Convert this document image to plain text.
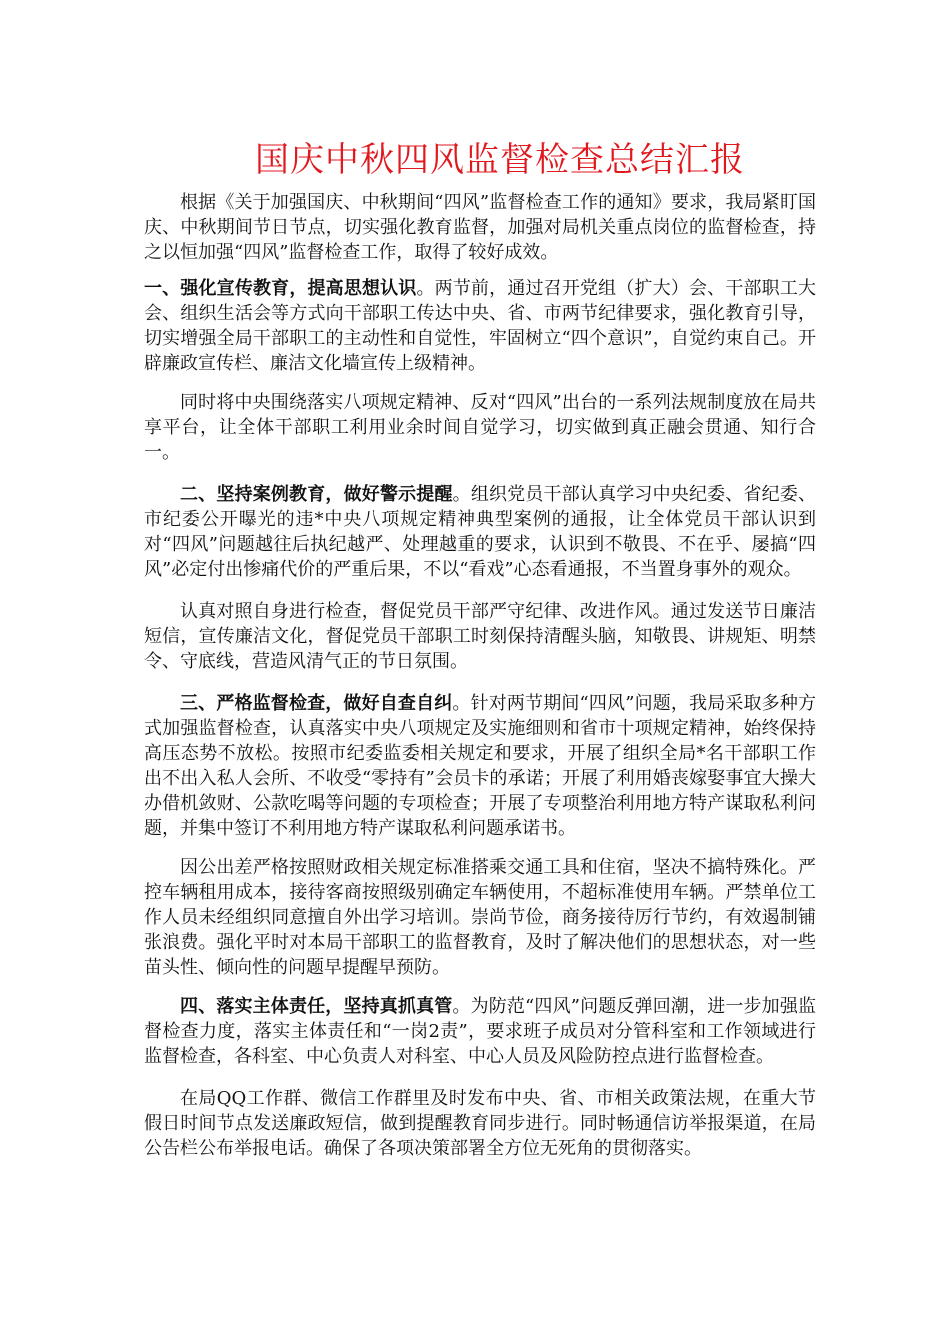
国庆中秋四风监督检查总结汇报

根据《关于加强国庆、中秋期间“四风”监督检查工作的通知》要求，我局紧盯国庆、中秋期间节日节点，切实强化教育监督，加强对局机关重点岗位的监督检查，持之以恒加强“四风”监督检查工作，取得了较好成效。

一、强化宣传教育，提高思想认识。两节前，通过召开党组（扩大）会、干部职工大会、组织生活会等方式向干部职工传达中央、省、市两节纪律要求，强化教育引导，切实增强全局干部职工的主动性和自觉性，牢固树立“四个意识”，自觉约束自己。开辟廉政宣传栏、廉洁文化墙宣传上级精神。

同时将中央围绕落实八项规定精神、反对“四风”出台的一系列法规制度放在局共享平台，让全体干部职工利用业余时间自觉学习，切实做到真正融会贯通、知行合一。

二、坚持案例教育，做好警示提醒。组织党员干部认真学习中央纪委、省纪委、市纪委公开曝光的违*中央八项规定精神典型案例的通报，让全体党员干部认识到对“四风”问题越往后执纪越严、处理越重的要求，认识到不敬畏、不在乎、屡搞“四风”必定付出惨痛代价的严重后果，不以“看戏”心态看通报，不当置身事外的观众。

认真对照自身进行检查，督促党员干部严守纪律、改进作风。通过发送节日廉洁短信，宣传廉洁文化，督促党员干部职工时刻保持清醒头脑，知敬畏、讲规矩、明禁令、守底线，营造风清气正的节日氛围。

三、严格监督检查，做好自查自纠。针对两节期间“四风”问题，我局采取多种方式加强监督检查，认真落实中央八项规定及实施细则和省市十项规定精神，始终保持高压态势不放松。按照市纪委监委相关规定和要求，开展了组织全局*名干部职工作出不出入私人会所、不收受“零持有”会员卡的承诺；开展了利用婚丧嫁娶事宜大操大办借机敛财、公款吃喝等问题的专项检查；开展了专项整治利用地方特产谋取私利问题，并集中签订不利用地方特产谋取私利问题承诺书。

因公出差严格按照财政相关规定标准搭乘交通工具和住宿，坚决不搞特殊化。严控车辆租用成本，接待客商按照级别确定车辆使用，不超标准使用车辆。严禁单位工作人员未经组织同意擅自外出学习培训。崇尚节俭，商务接待厉行节约，有效遏制铺张浪费。强化平时对本局干部职工的监督教育，及时了解决他们的思想状态，对一些苗头性、倾向性的问题早提醒早预防。

四、落实主体责任，坚持真抓真管。为防范“四风”问题反弹回潮，进一步加强监督检查力度，落实主体责任和“一岗2责”，要求班子成员对分管科室和工作领域进行监督检查，各科室、中心负责人对科室、中心人员及风险防控点进行监督检查。

在局QQ工作群、微信工作群里及时发布中央、省、市相关政策法规，在重大节假日时间节点发送廉政短信，做到提醒教育同步进行。同时畅通信访举报渠道，在局公告栏公布举报电话。确保了各项决策部署全方位无死角的贯彻落实。
